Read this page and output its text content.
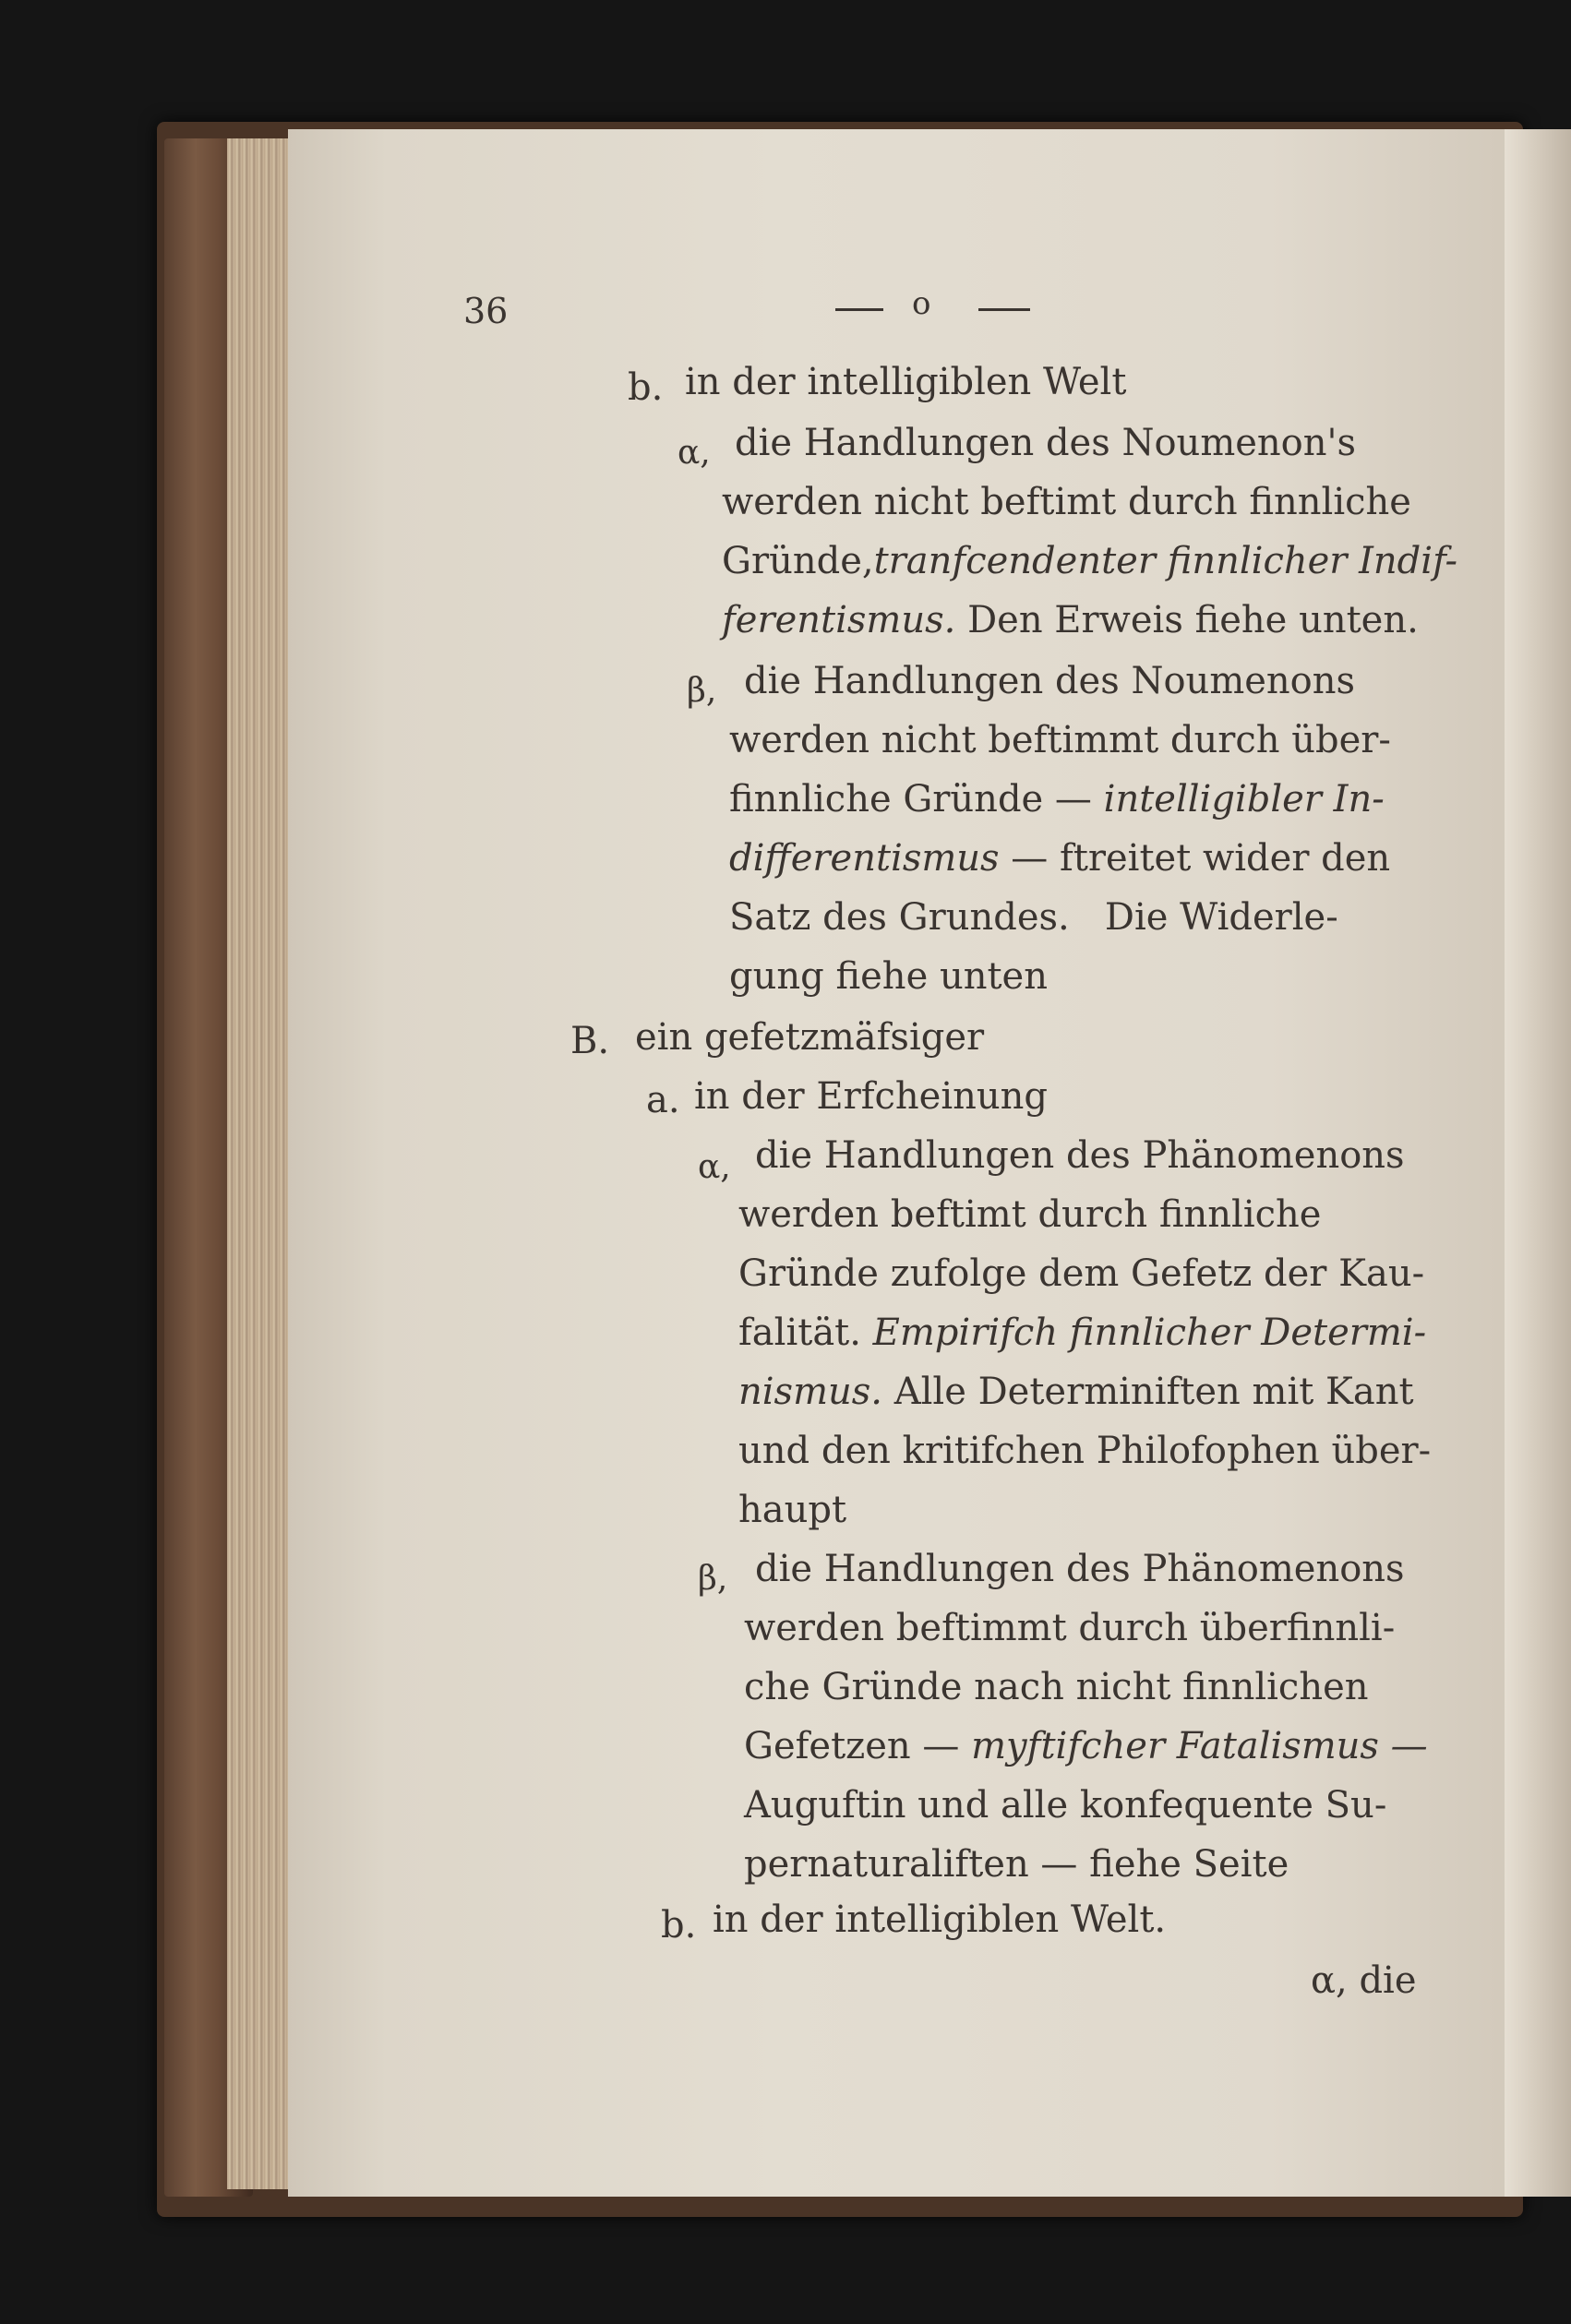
36	o
b. in der intelligiblen Welt
α, die Handlungen des Noumenon's
werden nicht beftimt durch finnliche
Gründe,tranfcendenter finnlicher Indif-
ferentismus. Den Erweis fiehe unten.
β, die Handlungen des Noumenons
werden nicht beftimmt durch über-
finnliche Gründe — intelligibler In-
differentismus — ftreitet wider den
Satz des Grundes. Die Widerle-
gung fiehe unten
B. ein gefetzmäfsiger
a. in der Erfcheinung
α, die Handlungen des Phänomenons
werden beftimt durch finnliche
Gründe zufolge dem Gefetz der Kau-
falität. Empirifch finnlicher Determi-
nismus. Alle Determiniften mit Kant
und den kritifchen Philofophen über-
haupt
β, die Handlungen des Phänomenons
werden beftimmt durch überfinnli-
che Gründe nach nicht finnlichen
Gefetzen — myftifcher Fatalismus —
Auguftin und alle konfequente Su-
pernaturaliften — fiehe Seite
b. in der intelligiblen Welt.
α, die
